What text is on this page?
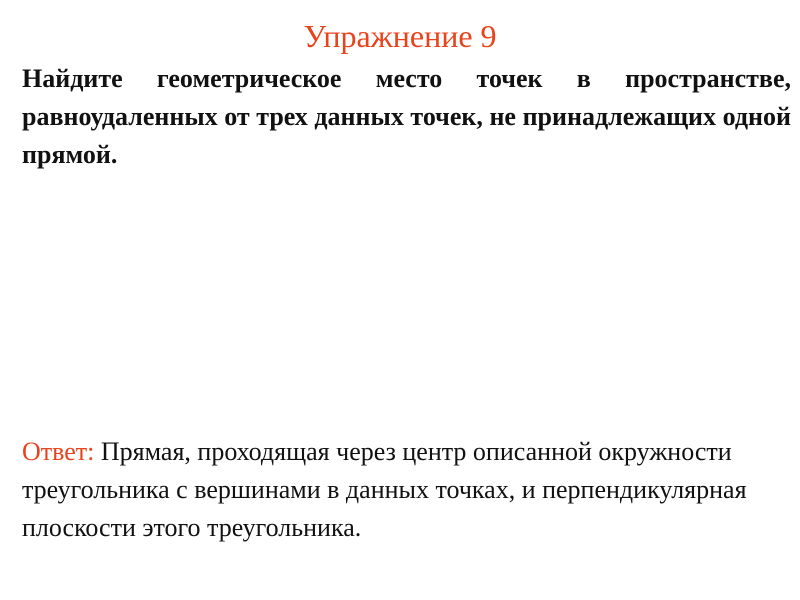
Упражнение 9
Найдите геометрическое место точек в пространстве, равноудаленных от трех данных точек, не принадлежащих одной прямой.
Ответ: Прямая, проходящая через центр описанной окружности треугольника с вершинами в данных точках, и перпендикулярная плоскости этого треугольника.
